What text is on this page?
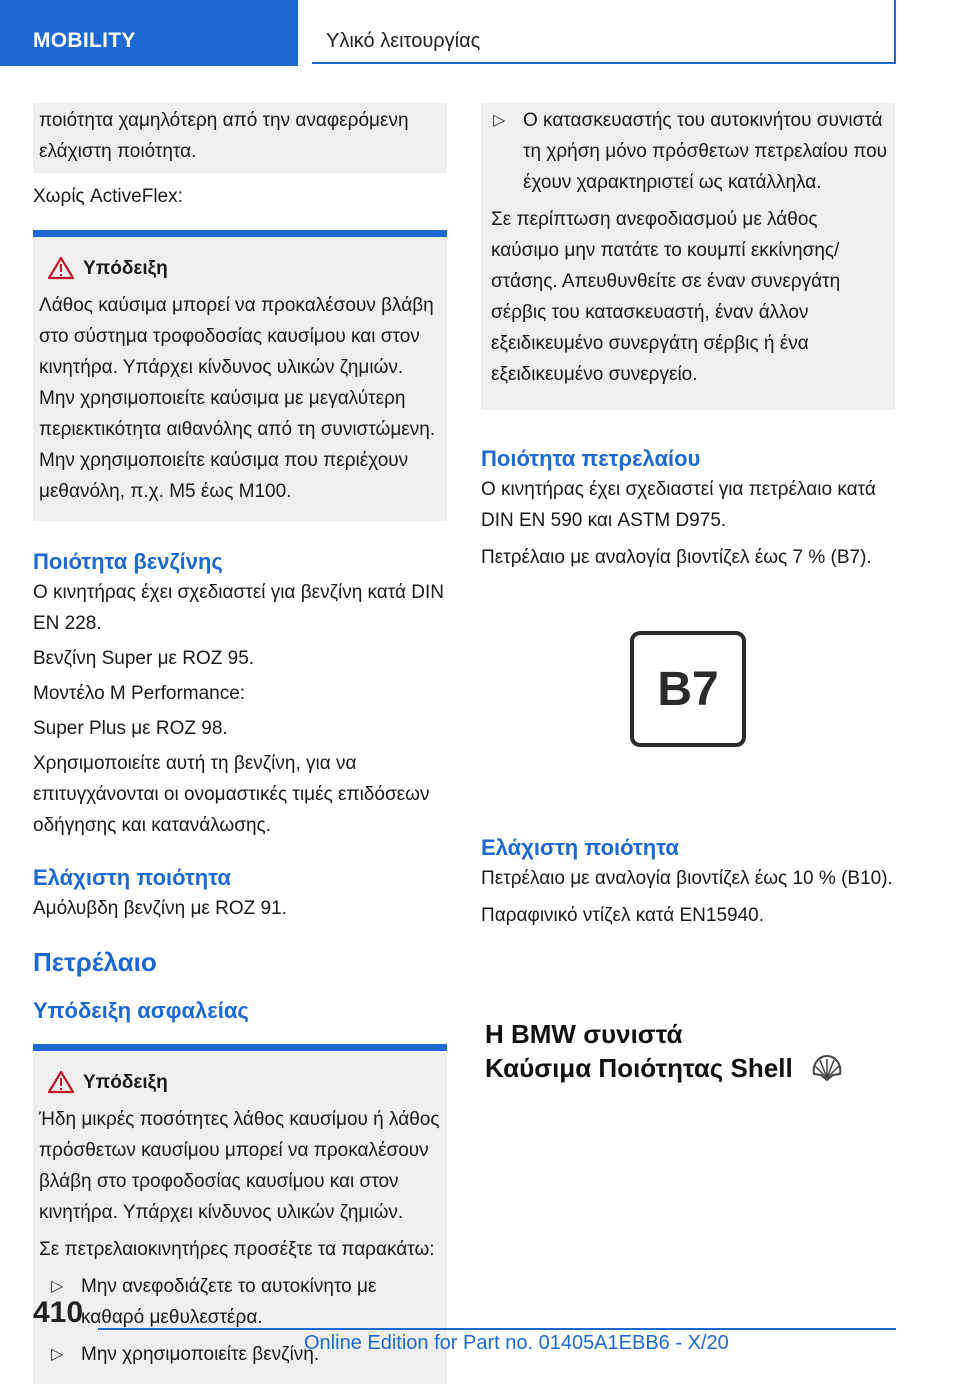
MOBILITY	Υλικό λειτουργίας
ποιότητα χαμηλότερη από την αναφερόμενη ελάχιστη ποιότητα.

Χωρίς ActiveFlex:

Υπόδειξη

Λάθος καύσιμα μπορεί να προκαλέσουν βλάβη στο σύστημα τροφοδοσίας καυσίμου και στον κινητήρα. Υπάρχει κίνδυνος υλικών ζημιών. Μην χρησιμοποιείτε καύσιμα με μεγαλύτερη περιεκτικότητα αιθανόλης από τη συνιστώμενη. Μην χρησιμοποιείτε καύσιμα που περιέχουν μεθανόλη, π.χ. M5 έως M100.

Ποιότητα βενζίνης

Ο κινητήρας έχει σχεδιαστεί για βενζίνη κατά DIN EN 228.

Βενζίνη Super με ROZ 95.

Μοντέλο M Performance:

Super Plus με ROZ 98.

Χρησιμοποιείτε αυτή τη βενζίνη, για να επιτυγχάνονται οι ονομαστικές τιμές επιδόσεων οδήγησης και κατανάλωσης.

Ελάχιστη ποιότητα

Αμόλυβδη βενζίνη με ROZ 91.

Πετρέλαιο
Υπόδειξη ασφαλείας
Υπόδειξη

Ήδη μικρές ποσότητες λάθος καυσίμου ή λάθος πρόσθετων καυσίμου μπορεί να προκαλέσουν βλάβη στο τροφοδοσίας καυσίμου και στον κινητήρα. Υπάρχει κίνδυνος υλικών ζημιών.

Σε πετρελαιοκινητήρες προσέξτε τα παρακάτω:

▷ Μην ανεφοδιάζετε το αυτοκίνητο με καθαρό μεθυλεστέρα.
▷ Μην χρησιμοποιείτε βενζίνη.
▷ Ο κατασκευαστής του αυτοκινήτου συνιστά τη χρήση μόνο πρόσθετων πετρελαίου που έχουν χαρακτηριστεί ως κατάλληλα.

Σε περίπτωση ανεφοδιασμού με λάθος καύσιμο μην πατάτε το κουμπί εκκίνησης/στάσης. Απευθυνθείτε σε έναν συνεργάτη σέρβις του κατασκευαστή, έναν άλλον εξειδικευμένο συνεργάτη σέρβις ή ένα εξειδικευμένο συνεργείο.

Ποιότητα πετρελαίου

Ο κινητήρας έχει σχεδιαστεί για πετρέλαιο κατά DIN EN 590 και ASTM D975.

Πετρέλαιο με αναλογία βιοντίζελ έως 7 % (B7).

B7
Ελάχιστη ποιότητα

Πετρέλαιο με αναλογία βιοντίζελ έως 10 % (B10).

Παραφινικό ντίζελ κατά EN15940.

Η BMW συνιστά
Καύσιμα Ποιότητας Shell
410
Online Edition for Part no. 01405A1EBB6 - X/20
